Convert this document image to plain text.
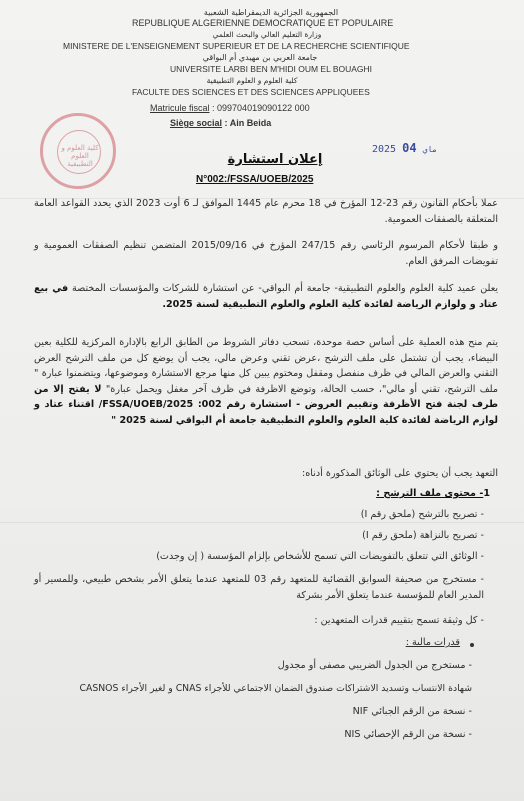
الجمهورية الجزائرية الديمقراطية الشعبية
REPUBLIQUE ALGERIENNE DEMOCRATIQUE ET POPULAIRE
وزارة التعليم العالي والبحث العلمي
MINISTERE DE L'ENSEIGNEMENT SUPERIEUR ET DE LA RECHERCHE SCIENTIFIQUE
جامعة العربي بن مهيدي أم البواقي
UNIVERSITE LARBI BEN M'HIDI OUM EL BOUAGHI
كلية العلوم و العلوم التطبيقية
FACULTE DES SCIENCES ET DES SCIENCES APPLIQUEES
Matricule fiscal : 099704019090122 000
Siège social : Ain Beida
كلية العلوم و العلوم التطبيقية
2025	ماي 04
إعلان استشارة
N°002:/FSSA/UOEB/2025
عملا بأحكام القانون رقم 23-12 المؤرخ في 18 محرم عام 1445 الموافق لـ 6 أوت 2023 الذي يحدد القواعد العامة المتعلقة بالصفقات العمومية.
و طبقا لأحكام المرسوم الرئاسي رقم 247/15 المؤرخ في 2015/09/16 المتضمن تنظيم الصفقات العمومية و تفويضات المرفق العام.
يعلن عميد كلية العلوم والعلوم التطبيقية- جامعة أم البواقي- عن استشارة للشركات والمؤسسات المختصة في بيع عتاد و ولوازم الرياضة لفائدة كلية العلوم والعلوم التطبيقية لسنة 2025.
يتم منح هذه العملية على أساس حصة موحدة، تسحب دفاتر الشروط من الطابق الرابع بالإدارة المركزية للكلية بعين البيضاء، يجب أن تشتمل على ملف الترشح ،عرض تقني وعرض مالي، يجب أن يوضع كل من ملف الترشح العرض التقني والعرض المالي في ظرف منفصل ومقفل ومختوم يبين كل منها مرجع الاستشارة وموضوعها، ويتضمنوا عبارة " ملف الترشح، تقني أو مالي"، حسب الحالة، وتوضع الاظرفة في ظرف آخر مغفل ويحمل عبارة" لا يفتح إلا من طرف لجنة فتح الأظرفة وتقييم العروض - استشارة رقم 002: FSSA/UOEB/2025/ اقتناء عتاد و لوازم الرياضة لفائدة كلية العلوم والعلوم التطبيقية جامعة أم البواقي لسنة 2025 "
التعهد يجب أن يحتوي على الوثائق المذكورة أدناه:
1- محتوى ملف الترشح :
- تصريح بالترشح (ملحق رقم I)
- تصريح بالنزاهة (ملحق رقم I)
- الوثائق التي تتعلق بالتفويضات التي تسمح للأشخاص بإلزام المؤسسة ( إن وجدت)
- مستخرج من صحيفة السوابق القضائية للمتعهد رقم 03 للمتعهد عندما يتعلق الأمر بشخص طبيعي، وللمسير أو المدير العام للمؤسسة عندما يتعلق الأمر بشركة
- كل وثيقة تسمح بتقييم قدرات المتعهدين :
قدرات مالية :
- مستخرج من الجدول الضريبي مصفى أو مجدول
شهادة الانتساب وتسديد الاشتراكات صندوق الضمان الاجتماعي للأجراء CNAS و لغير الأجراء CASNOS
- نسخة من الرقم الجبائي NIF
- نسخة من الرقم الإحصائي NIS
